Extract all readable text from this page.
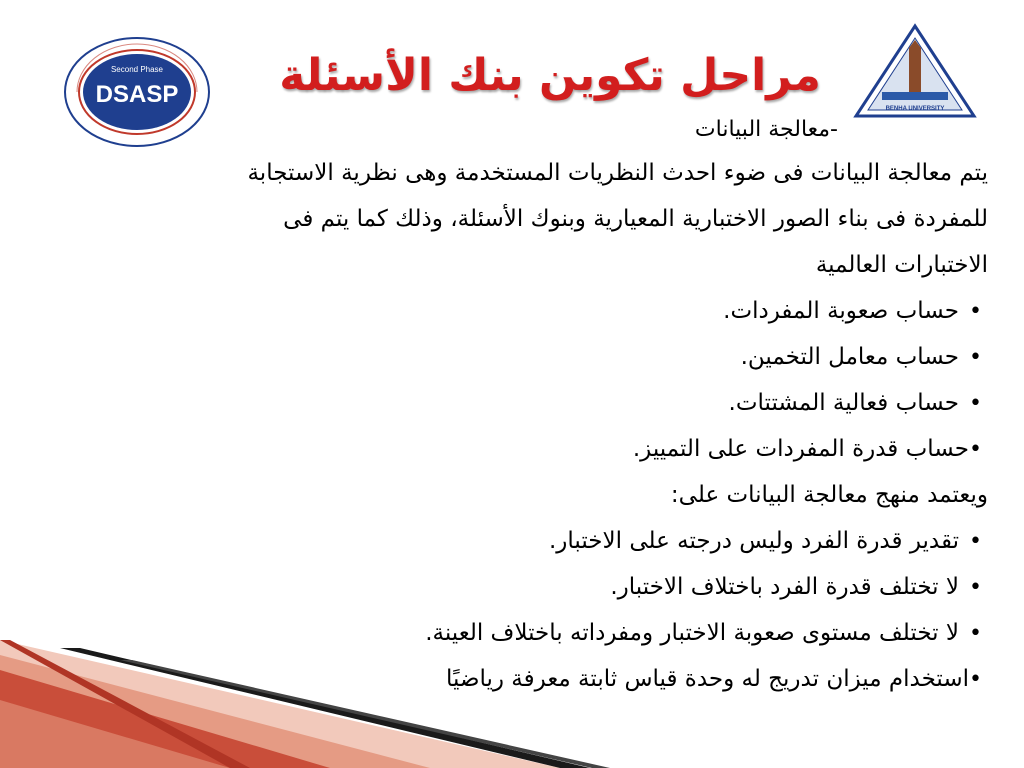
Second Phase
DSASP
BENHA UNIVERSITY
مراحل تكوين بنك الأسئلة
-معالجة البيانات
يتم معالجة البيانات فى ضوء احدث النظريات المستخدمة وهى نظرية الاستجابة
للمفردة فى بناء الصور الاختبارية المعيارية وبنوك الأسئلة، وذلك كما يتم فى
الاختبارات العالمية
• حساب صعوبة المفردات.
• حساب معامل التخمين.
• حساب فعالية المشتتات.
• حساب قدرة المفردات على التمييز.
ويعتمد منهج معالجة البيانات على:
• تقدير قدرة الفرد وليس درجته على الاختبار.
• لا تختلف قدرة الفرد باختلاف الاختبار.
• لا تختلف مستوى صعوبة الاختبار ومفرداته باختلاف العينة.
• استخدام ميزان تدريج له وحدة قياس ثابتة معرفة رياضيًا
